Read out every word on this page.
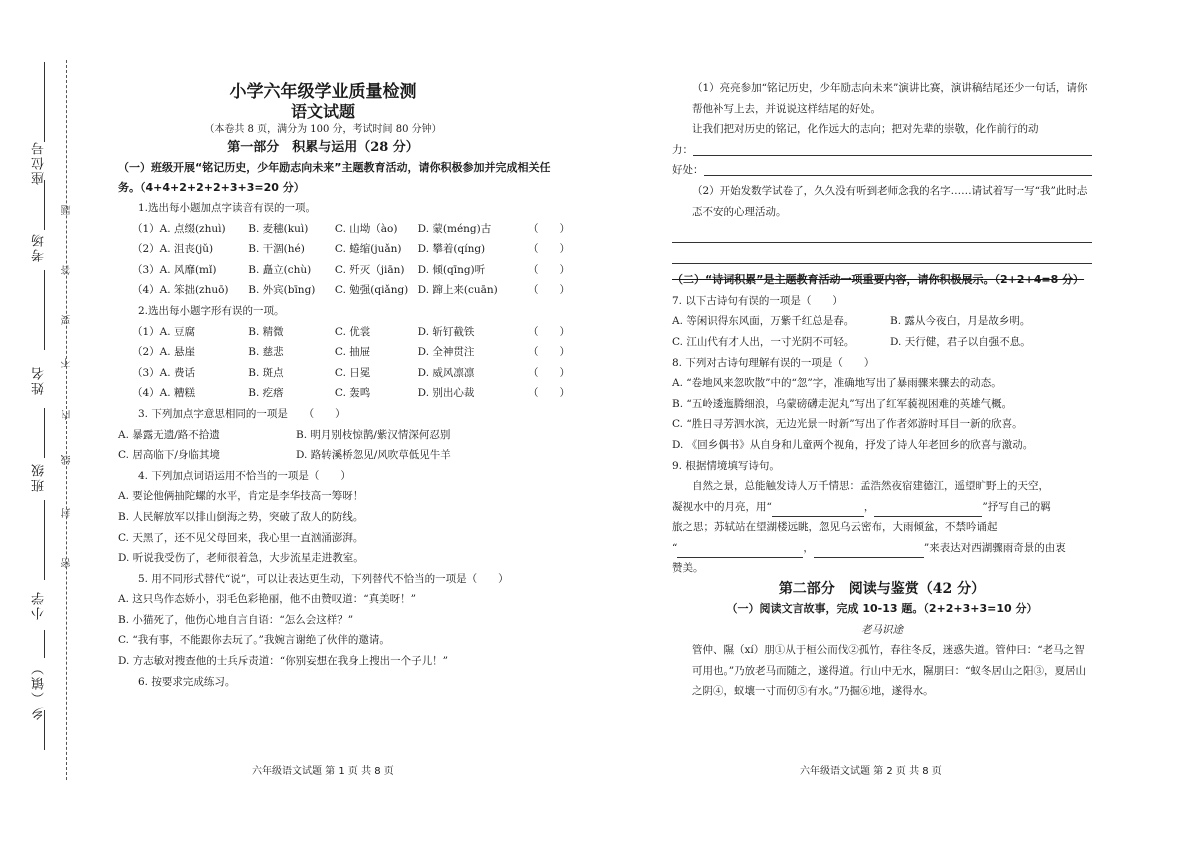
座位号
考场
姓名
班级
小学
乡（镇）
题
答
要
不
内
线
封
密
小学六年级学业质量检测
语文试题
（本卷共 8 页，满分为 100 分，考试时间 80 分钟）
第一部分　积累与运用（28 分）
（一）班级开展“铭记历史，少年励志向未来”主题教育活动，请你积极参加并完成相关任务。（4+4+2+2+2+3+3=20 分）
1.选出每小题加点字读音有误的一项。
（1）A. 点缀(zhuì)	B. 麦穗(kuì)	C. 山坳（ào)	D. 蒙(méng)古	（　　）
（2）A. 沮丧(jǔ)	B. 干涸(hé)	C. 蜷缩(juǎn)	D. 攀着(qíng)	（　　）
（3）A. 风靡(mǐ)	B. 矗立(chù)	C. 歼灭（jiān)	D. 倾(qīng)听	（　　）
（4）A. 笨拙(zhuō)	B. 外宾(bīng)	C. 勉强(qiǎng) D. 蹿上来(cuān)	（　　）
2.选出每小题字形有误的一项。
（1）A. 豆腐	B. 精微	C. 优裳	D. 斩钉截铁	（　　）
（2）A. 悬崖	B. 慈悲	C. 抽屉	D. 全神贯注	（　　）
（3）A. 费话	B. 斑点	C. 日冕	D. 威风凛凛	（　　）
（4）A. 糟糕	B. 疙瘩	C. 轰鸣	D. 别出心裁	（　　）
3. 下列加点字意思相同的一项是　　（　　）
A. 暴露无遗/路不拾遗	B. 明月别枝惊鹊/紫汉情深何忍别
C. 居高临下/身临其境	D. 路转溪桥忽见/风吹草低见牛羊
4. 下列加点词语运用不恰当的一项是（　　）
A. 要论他俩抽陀螺的水平，肯定是李华技高一筹呀！
B. 人民解放军以排山倒海之势，突破了敌人的防线。
C. 天黑了，还不见父母回来，我心里一直汹涌澎湃。
D. 听说我受伤了，老师很着急，大步流星走进教室。
5. 用不同形式替代“说”，可以让表达更生动，下列替代不恰当的一项是（　　）
A. 这只鸟作态娇小，羽毛色彩艳丽，他不由赞叹道：“真美呀！”
B. 小猫死了，他伤心地自言自语：“怎么会这样？”
C. “我有事，不能跟你去玩了。”我婉言谢绝了伙伴的邀请。
D. 方志敏对搜查他的士兵斥责道：“你别妄想在我身上搜出一个子儿！”
6. 按要求完成练习。
六年级语文试题 第 1 页 共 8 页
（1）亮亮参加“铭记历史，少年励志向未来”演讲比赛，演讲稿结尾还少一句话，请你帮他补写上去，并说说这样结尾的好处。
让我们把对历史的铭记，化作远大的志向；把对先辈的崇敬，化作前行的动
力：
好处：
（2）开始发数学试卷了，久久没有听到老师念我的名字……请试着写一写“我”此时忐忑不安的心理活动。
（二）“诗词积累”是主题教育活动一项重要内容，请你积极展示。（2+2+4=8 分）
7. 以下古诗句有误的一项是（　　）
A. 等闲识得东风面，万紫千红总是春。	B. 露从今夜白，月是故乡明。
C. 江山代有才人出，一寸光阴不可轻。	D. 天行健，君子以自强不息。
8. 下列对古诗句理解有误的一项是（　　）
A. “卷地风来忽吹散”中的“忽”字，准确地写出了暴雨骤来骤去的动态。
B. “五岭逶迤腾细浪，乌蒙磅礴走泥丸”写出了红军藐视困难的英雄气概。
C. “胜日寻芳泗水滨，无边光景一时新”写出了作者郊游时耳目一新的欣喜。
D. 《回乡偶书》从自身和儿童两个视角，抒发了诗人年老回乡的欣喜与激动。
9. 根据情境填写诗句。
自然之景，总能触发诗人万千情思：孟浩然夜宿建德江，遥望旷野上的天空，
凝视水中的月亮，用“	，	”抒写自己的羁
旅之思；苏轼站在望湖楼远眺，忽见乌云密布，大雨倾盆，不禁吟诵起
“	，	”来表达对西湖骤雨奇景的由衷
赞美。
第二部分　阅读与鉴赏（42 分）
（一）阅读文言故事，完成 10-13 题。（2+2+3+3=10 分）
老马识途
管仲、隰（xí）朋①从于桓公而伐②孤竹，春往冬反，迷惑失道。管仲曰：“老马之智可用也。”乃放老马而随之，遂得道。行山中无水，隰朋曰：“蚁冬居山之阳③，夏居山之阴④，蚁壤一寸而仞⑤有水。”乃掘⑥地，遂得水。
六年级语文试题 第 2 页 共 8 页
